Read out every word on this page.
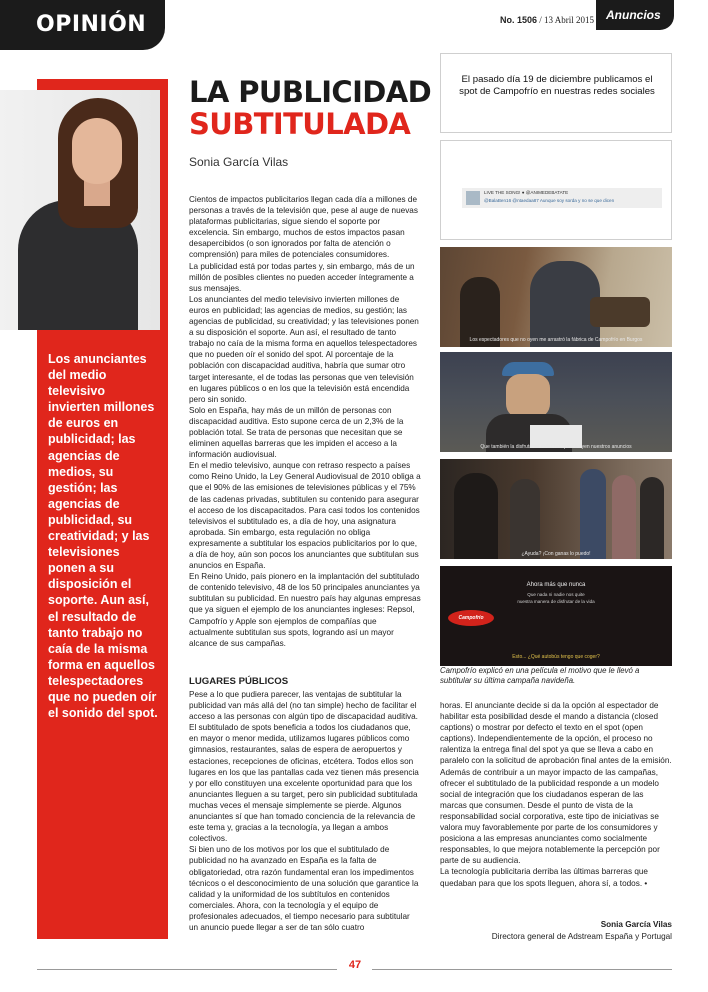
OPINIÓN	No. 1506 / 13 Abril 2015 Anuncios
Los anunciantes del medio televisivo invierten millones de euros en publicidad; las agencias de medios, su gestión; las agencias de publicidad, su creatividad; y las televisiones ponen a su disposición el soporte. Aun así, el resultado de tanto trabajo no caía de la misma forma en aquellos telespectadores que no pueden oír el sonido del spot.
LA PUBLICIDAD
SUBTITULADA
Sonia García Vilas

Cientos de impactos publicitarios llegan cada día a millones de personas a través de la televisión que, pese al auge de nuevas plataformas publicitarias, sigue siendo el soporte por excelencia. Sin embargo, muchos de estos impactos pasan desapercibidos (o son ignorados por falta de atención o comprensión) para miles de potenciales consumidores.

La publicidad está por todas partes y, sin embargo, más de un millón de posibles clientes no pueden acceder íntegramente a sus mensajes.

Los anunciantes del medio televisivo invierten millones de euros en publicidad; las agencias de medios, su gestión; las agencias de publicidad, su creatividad; y las televisiones ponen a su disposición el soporte. Aun así, el resultado de tanto trabajo no caía de la misma forma en aquellos telespectadores que no pueden oír el sonido del spot. Al porcentaje de la población con discapacidad auditiva, habría que sumar otro target interesante, el de todas las personas que ven televisión en lugares públicos o en los que la televisión está encendida pero sin sonido.

Solo en España, hay más de un millón de personas con discapacidad auditiva. Esto supone cerca de un 2,3% de la población total. Se trata de personas que necesitan que se eliminen aquellas barreras que les impiden el acceso a la información audiovisual.

En el medio televisivo, aunque con retraso respecto a países como Reino Unido, la Ley General Audiovisual de 2010 obliga a que el 90% de las emisiones de televisiones públicas y el 75% de las cadenas privadas, subtitulen su contenido para asegurar el acceso de los discapacitados. Para casi todos los contenidos televisivos el subtitulado es, a día de hoy, una asignatura aprobada. Sin embargo, esta regulación no obliga expresamente a subtitular los espacios publicitarios por lo que, a día de hoy, aún son pocos los anunciantes que subtitulan sus anuncios en España.

En Reino Unido, país pionero en la implantación del subtitulado de contenido televisivo, 48 de los 50 principales anunciantes ya subtitulan su publicidad. En nuestro país hay algunas empresas que ya siguen el ejemplo de los anunciantes ingleses: Repsol, Campofrío y Apple son ejemplos de compañías que actualmente subtitulan sus spots, logrando así un mayor alcance de sus campañas.

LUGARES PÚBLICOS

Pese a lo que pudiera parecer, las ventajas de subtitular la publicidad van más allá del (no tan simple) hecho de facilitar el acceso a las personas con algún tipo de discapacidad auditiva. El subtitulado de spots beneficia a todos los ciudadanos que, en mayor o menor medida, utilizamos lugares públicos como gimnasios, restaurantes, salas de espera de aeropuertos y estaciones, recepciones de oficinas, etcétera. Todos ellos son lugares en los que las pantallas cada vez tienen más presencia y por ello constituyen una excelente oportunidad para que los anunciantes lleguen a su target, pero sin publicidad subtitulada muchas veces el mensaje simplemente se pierde. Algunos anunciantes sí que han tomado conciencia de la relevancia de este tema y, gracias a la tecnología, ya llegan a ambos colectivos.

Si bien uno de los motivos por los que el subtitulado de publicidad no ha avanzado en España es la falta de obligatoriedad, otra razón fundamental eran los impedimentos técnicos o el desconocimiento de una solución que garantice la calidad y la uniformidad de los subtítulos en contenidos comerciales. Ahora, con la tecnología y el equipo de profesionales adecuados, el tiempo necesario para subtitular un anuncio puede llegar a ser de tan sólo cuatro

El pasado día 19 de diciembre publicamos el spot de Campofrío en nuestras redes sociales
LIVE THE SONG! ● @ANIMEDEBATATE
@BalaBen16 @ntaedaa87 Aunque soy sorda y no se que dicen
Los espectadores que no oyen me arrastró la fábrica de Campofrío en Burgos
Que también la disfrutaran todas las que no oyen nuestros anuncios
¿Ayuda? ¡Con ganas lo puedo!
Ahora más que nunca
Que nada ni nadie nos quite
nuestra manera de disfrutar de la vida
Campofrío
Esto... ¿Qué autobús tengo que coger?
Campofrío explicó en una película el motivo que le llevó a subtitular su última campaña navideña.

horas. El anunciante decide si da la opción al espectador de habilitar esta posibilidad desde el mando a distancia (closed captions) o mostrar por defecto el texto en el spot (open captions). Independientemente de la opción, el proceso no ralentiza la entrega final del spot ya que se lleva a cabo en paralelo con la solicitud de aprobación final antes de la emisión.

Además de contribuir a un mayor impacto de las campañas, ofrecer el subtitulado de la publicidad responde a un modelo social de integración que los ciudadanos esperan de las marcas que consumen. Desde el punto de vista de la responsabilidad social corporativa, este tipo de iniciativas se valora muy favorablemente por parte de los consumidores y posiciona a las empresas anunciantes como socialmente responsables, lo que mejora notablemente la percepción por parte de su audiencia.

La tecnología publicitaria derriba las últimas barreras que quedaban para que los spots lleguen, ahora sí, a todos. •

Sonia García Vilas
Directora general de Adstream España y Portugal
47
